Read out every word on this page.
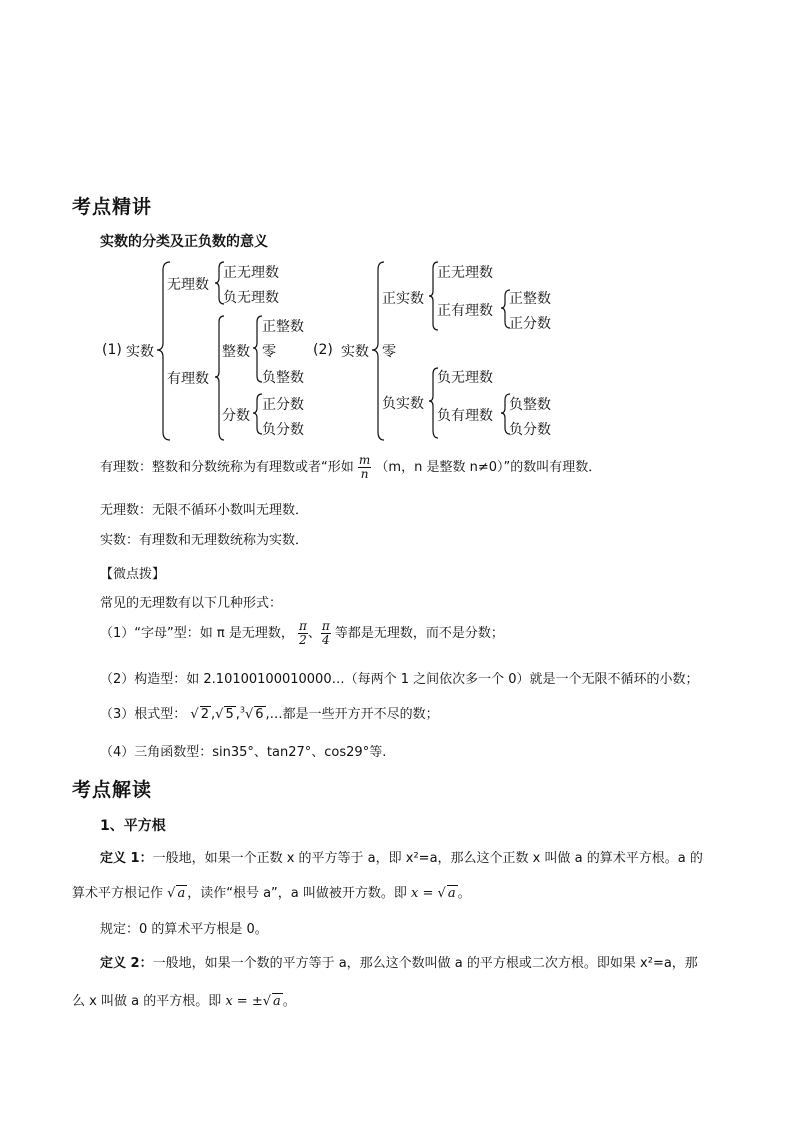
考点精讲
实数的分类及正负数的意义
(1) 实数
无理数
正无理数
负无理数
有理数
整数
正整数
零
负整数
分数
正分数
负分数
(2) 实数
正实数
正无理数
正有理数
正整数
正分数
零
负实数
负无理数
负有理数
负整数
负分数
有理数：整数和分数统称为有理数或者“形如 $\frac{m}{n} (m$，n 是整数 n≠0）”的数叫有理数．
无理数：无限不循环小数叫无理数．
实数：有理数和无理数统称为实数．
【微点拨】
常见的无理数有以下几种形式：
（1）“字母”型：如 π 是无理数， $\frac{\pi}{2}$ 、 $\frac{\pi}{4}$ 等都是无理数，而不是分数；
（2）构造型：如 2.10100100010000…（每两个 1 之间依次多一个 0）就是一个无限不循环的小数；
（3）根式型： √ 2 ,√ 5 ,$^3$√ 6 ,…都是一些开方开不尽的数；
（4）三角函数型：sin35°、tan27°、cos29°等.
考点解读
1、平方根
定义 1：一般地，如果一个正数 x 的平方等于 a，即 x²=a，那么这个正数 x 叫做 a 的算术平方根。a 的
算术平方根记作 √ a ，读作“根号 a”，a 叫做被开方数。即 x = √ a 。
规定：0 的算术平方根是 0。
定义 2：一般地，如果一个数的平方等于 a，那么这个数叫做 a 的平方根或二次方根。即如果 x²=a，那
么 x 叫做 a 的平方根。即 x = ±√ a 。
